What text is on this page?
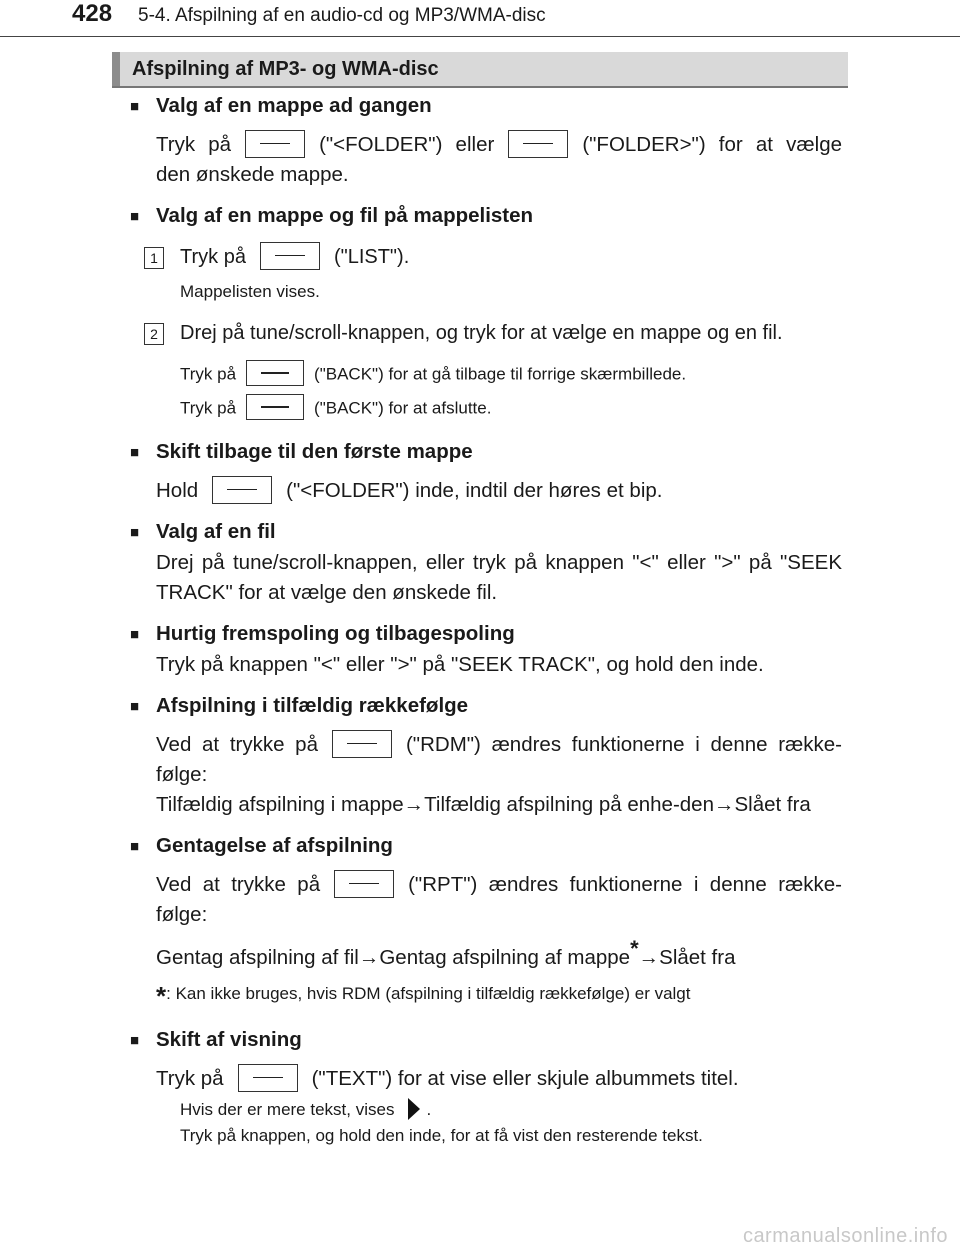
428 5-4. Afspilning af en audio-cd og MP3/WMA-disc
Afspilning af MP3- og WMA-disc
■ Valg af en mappe ad gangen
Tryk på	("<FOLDER") eller	("FOLDER>") for at vælge den ønskede mappe.
■ Valg af en mappe og fil på mappelisten
1	Tryk på	("LIST").
Mappelisten vises.
2	Drej på tune/scroll-knappen, og tryk for at vælge en mappe og en fil.
Tryk på	("BACK") for at gå tilbage til forrige skærmbillede.
Tryk på	("BACK") for at afslutte.
■ Skift tilbage til den første mappe
Hold	("<FOLDER") inde, indtil der høres et bip.
■ Valg af en fil
Drej på tune/scroll-knappen, eller tryk på knappen "<" eller ">" på "SEEK TRACK" for at vælge den ønskede fil.
■ Hurtig fremspoling og tilbagespoling
Tryk på knappen "<" eller ">" på "SEEK TRACK", og hold den inde.
■ Afspilning i tilfældig rækkefølge
Ved at trykke på	("RDM") ændres funktionerne i denne række-følge:
Tilfældig afspilning i mappe→Tilfældig afspilning på enhe-den→Slået fra
■ Gentagelse af afspilning
Ved at trykke på	("RPT") ændres funktionerne i denne række-følge:
Gentag afspilning af fil→Gentag afspilning af mappe*→Slået fra
*: Kan ikke bruges, hvis RDM (afspilning i tilfældig rækkefølge) er valgt
■ Skift af visning
Tryk på	("TEXT") for at vise eller skjule albummets titel.
Hvis der er mere tekst, vises .
Tryk på knappen, og hold den inde, for at få vist den resterende tekst.
carmanualsonline.info
